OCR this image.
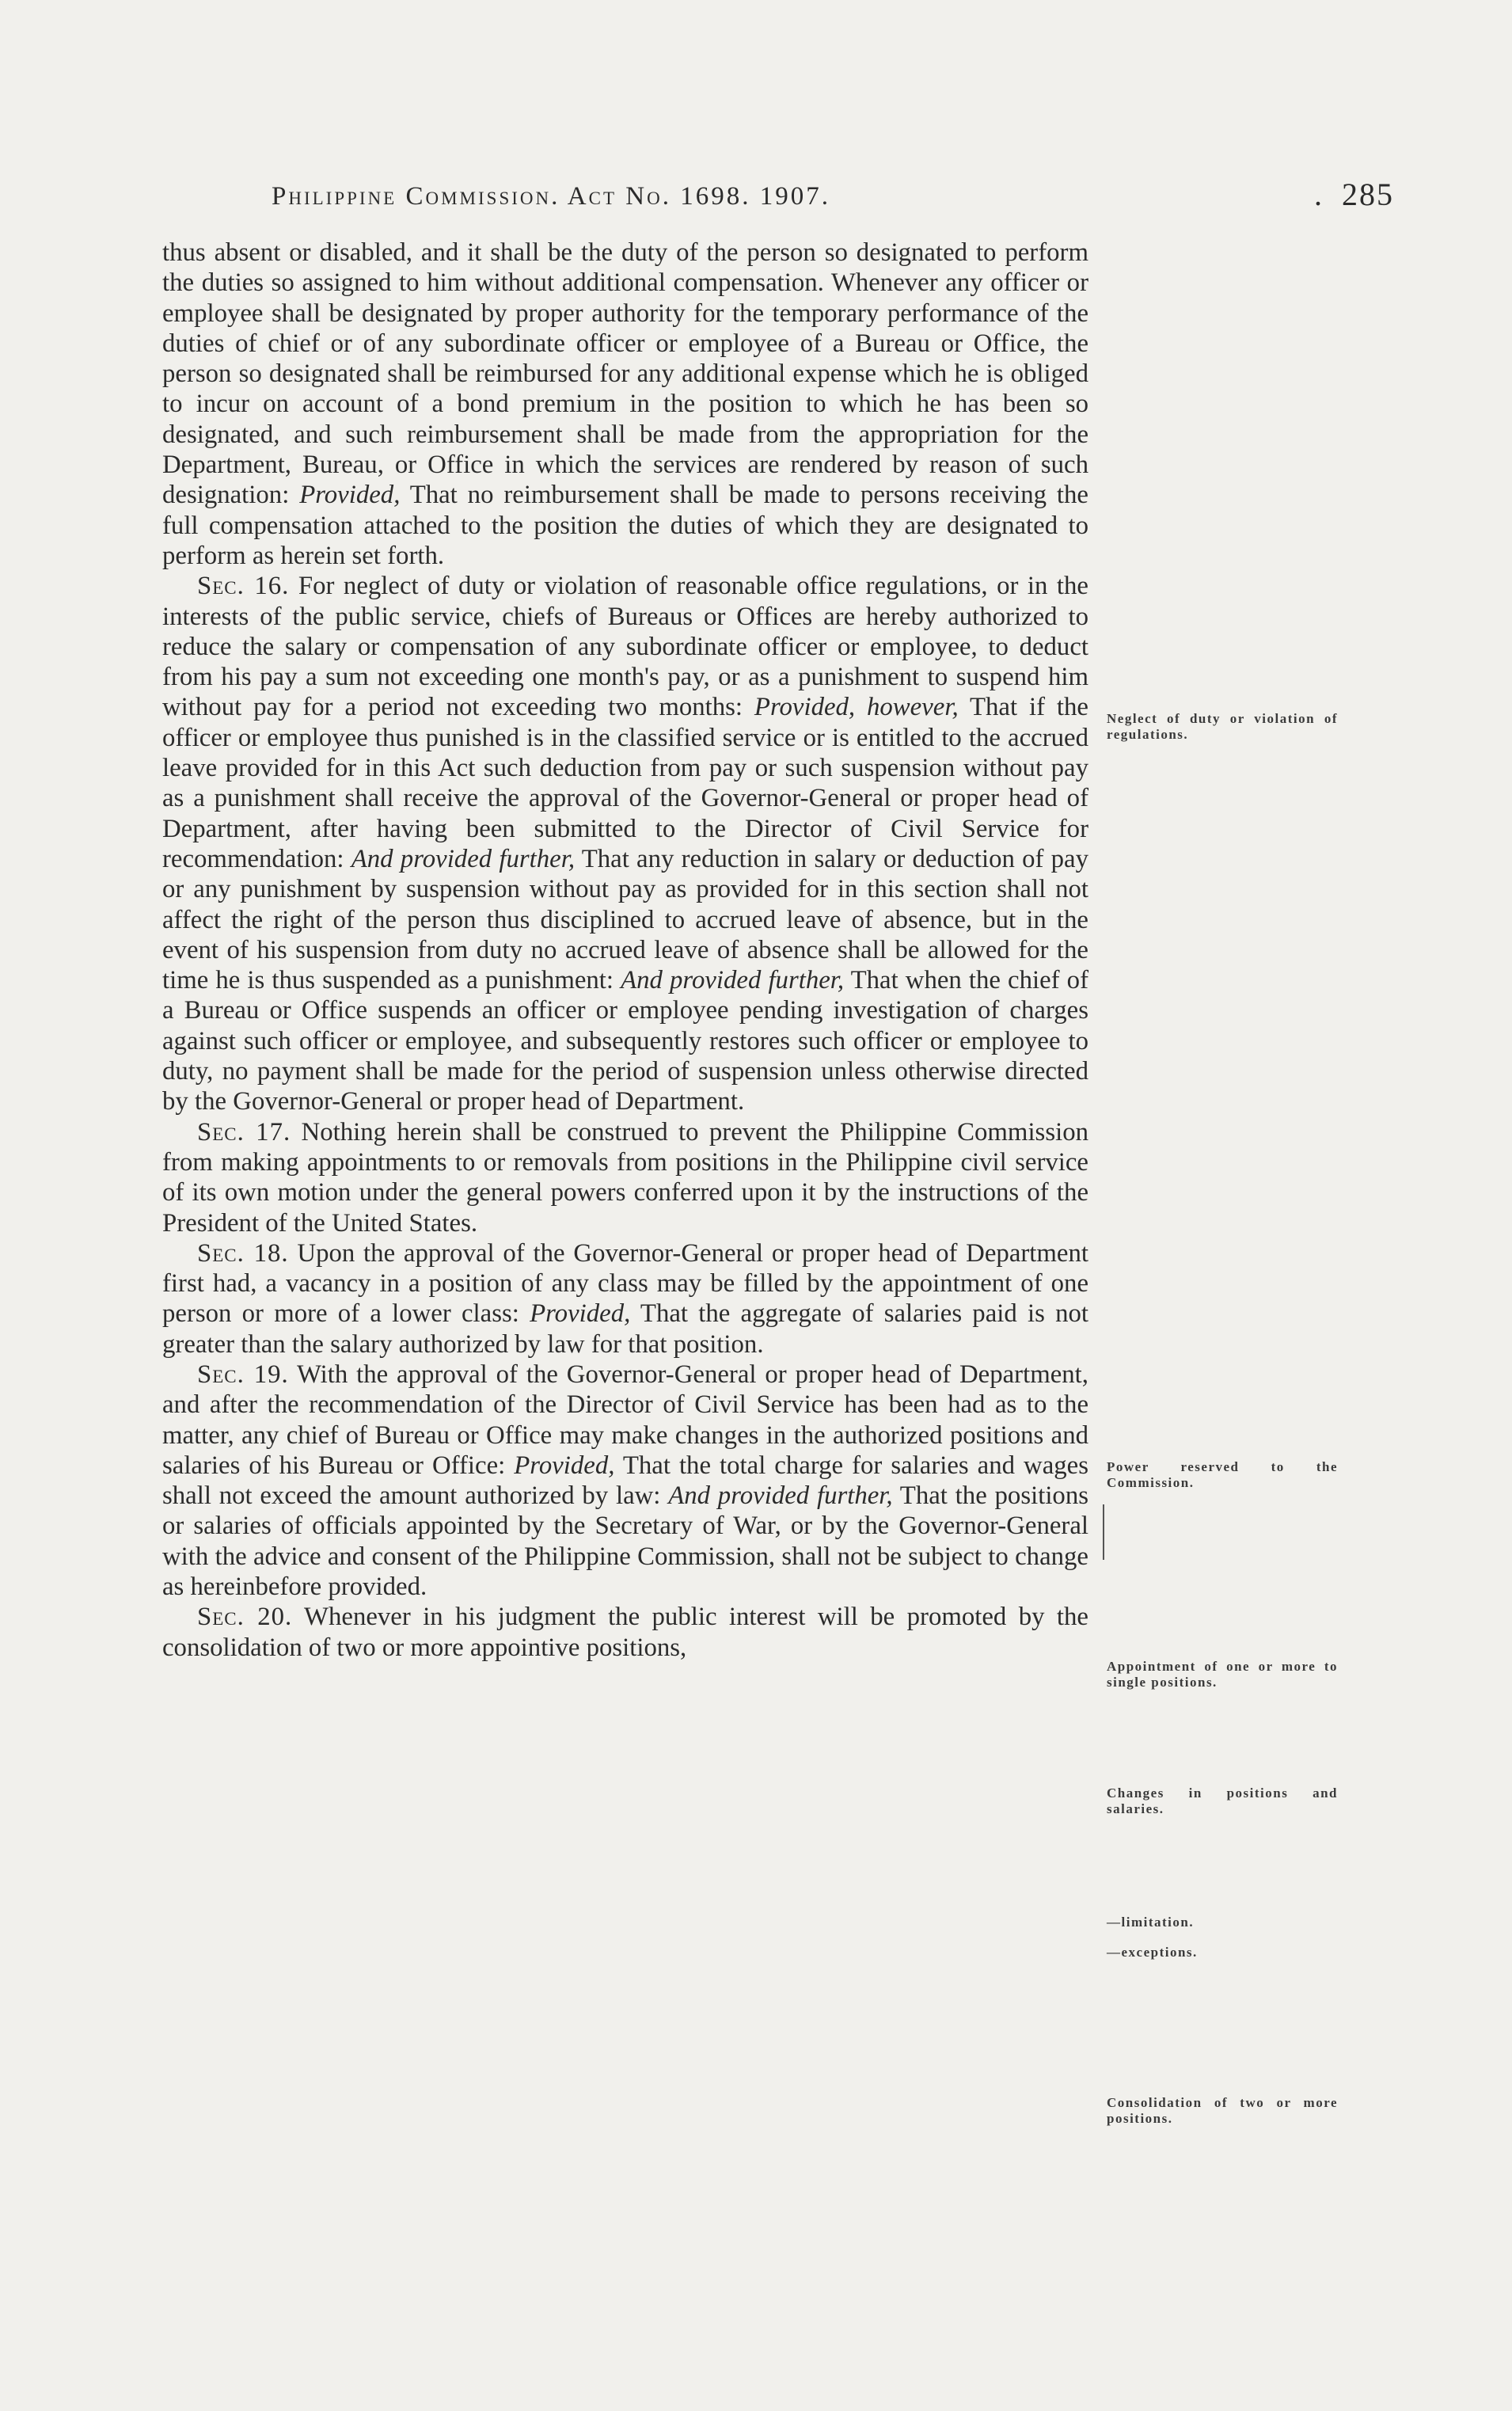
Philippine Commission. Act No. 1698. 1907.	. 285

thus absent or disabled, and it shall be the duty of the person so designated to perform the duties so assigned to him without additional compensation. Whenever any officer or employee shall be designated by proper authority for the temporary performance of the duties of chief or of any subordinate officer or employee of a Bureau or Office, the person so designated shall be reimbursed for any additional expense which he is obliged to incur on account of a bond premium in the position to which he has been so designated, and such reimbursement shall be made from the appropriation for the Department, Bureau, or Office in which the services are rendered by reason of such designation: Provided, That no reimbursement shall be made to persons receiving the full compensation attached to the position the duties of which they are designated to perform as herein set forth.

Sec. 16. For neglect of duty or violation of reasonable office regulations, or in the interests of the public service, chiefs of Bureaus or Offices are hereby authorized to reduce the salary or compensation of any subordinate officer or employee, to deduct from his pay a sum not exceeding one month's pay, or as a punishment to suspend him without pay for a period not exceeding two months: Provided, however, That if the officer or employee thus punished is in the classified service or is entitled to the accrued leave provided for in this Act such deduction from pay or such suspension without pay as a punishment shall receive the approval of the Governor-General or proper head of Department, after having been submitted to the Director of Civil Service for recommendation: And provided further, That any reduction in salary or deduction of pay or any punishment by suspension without pay as provided for in this section shall not affect the right of the person thus disciplined to accrued leave of absence, but in the event of his suspension from duty no accrued leave of absence shall be allowed for the time he is thus suspended as a punishment: And provided further, That when the chief of a Bureau or Office suspends an officer or employee pending investigation of charges against such officer or employee, and subsequently restores such officer or employee to duty, no payment shall be made for the period of suspension unless otherwise directed by the Governor-General or proper head of Department.

Sec. 17. Nothing herein shall be construed to prevent the Philippine Commission from making appointments to or removals from positions in the Philippine civil service of its own motion under the general powers conferred upon it by the instructions of the President of the United States.

Sec. 18. Upon the approval of the Governor-General or proper head of Department first had, a vacancy in a position of any class may be filled by the appointment of one person or more of a lower class: Provided, That the aggregate of salaries paid is not greater than the salary authorized by law for that position.

Sec. 19. With the approval of the Governor-General or proper head of Department, and after the recommendation of the Director of Civil Service has been had as to the matter, any chief of Bureau or Office may make changes in the authorized positions and salaries of his Bureau or Office: Provided, That the total charge for salaries and wages shall not exceed the amount authorized by law: And provided further, That the positions or salaries of officials appointed by the Secretary of War, or by the Governor-General with the advice and consent of the Philippine Commission, shall not be subject to change as hereinbefore provided.

Sec. 20. Whenever in his judgment the public interest will be promoted by the consolidation of two or more appointive positions,

Neglect of duty or violation of regulations.
Power reserved to the Commission.
Appointment of one or more to single positions.
Changes in positions and salaries.
—limitation.
—exceptions.
Consolidation of two or more positions.
